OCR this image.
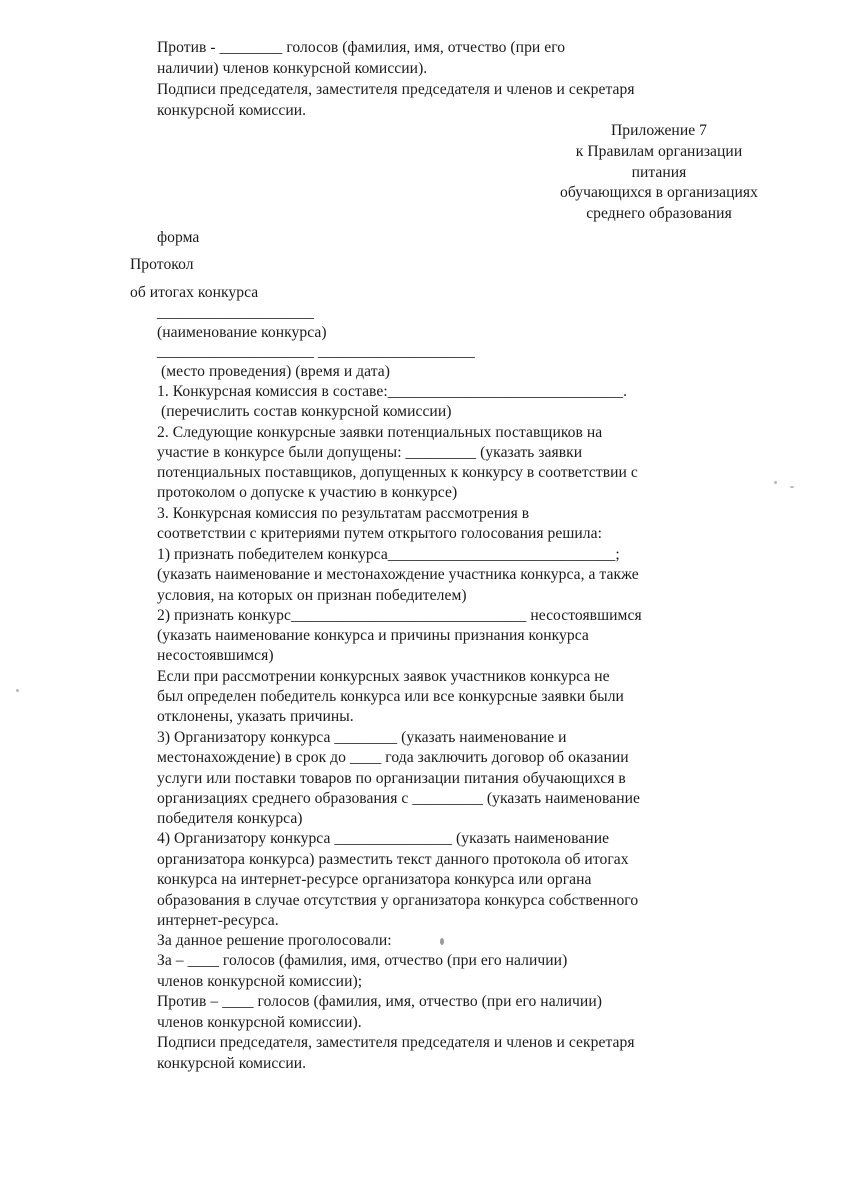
Против - ________ голосов (фамилия, имя, отчество (при его
наличии) членов конкурсной комиссии).
Подписи председателя, заместителя председателя и членов и секретаря
конкурсной комиссии.
Приложение 7
к Правилам организации
питания
обучающихся в организациях
среднего образования
форма
Протокол
об итогах конкурса
____________________
(наименование конкурса)
____________________ ____________________
(место проведения) (время и дата)
1. Конкурсная комиссия в составе:______________________________.
(перечислить состав конкурсной комиссии)
2. Следующие конкурсные заявки потенциальных поставщиков на
участие в конкурсе были допущены: _________ (указать заявки
потенциальных поставщиков, допущенных к конкурсу в соответствии с
протоколом о допуске к участию в конкурсе)
3. Конкурсная комиссия по результатам рассмотрения в
соответствии с критериями путем открытого голосования решила:
1) признать победителем конкурса_____________________________;
(указать наименование и местонахождение участника конкурса, а также
условия, на которых он признан победителем)
2) признать конкурс______________________________ несостоявшимся
(указать наименование конкурса и причины признания конкурса
несостоявшимся)
Если при рассмотрении конкурсных заявок участников конкурса не
был определен победитель конкурса или все конкурсные заявки были
отклонены, указать причины.
3) Организатору конкурса ________ (указать наименование и
местонахождение) в срок до ____ года заключить договор об оказании
услуги или поставки товаров по организации питания обучающихся в
организациях среднего образования с _________ (указать наименование
победителя конкурса)
4) Организатору конкурса _______________ (указать наименование
организатора конкурса) разместить текст данного протокола об итогах
конкурса на интернет-ресурсе организатора конкурса или органа
образования в случае отсутствия у организатора конкурса собственного
интернет-ресурса.
За данное решение проголосовали:
За – ____ голосов (фамилия, имя, отчество (при его наличии)
членов конкурсной комиссии);
Против – ____ голосов (фамилия, имя, отчество (при его наличии)
членов конкурсной комиссии).
Подписи председателя, заместителя председателя и членов и секретаря
конкурсной комиссии.
